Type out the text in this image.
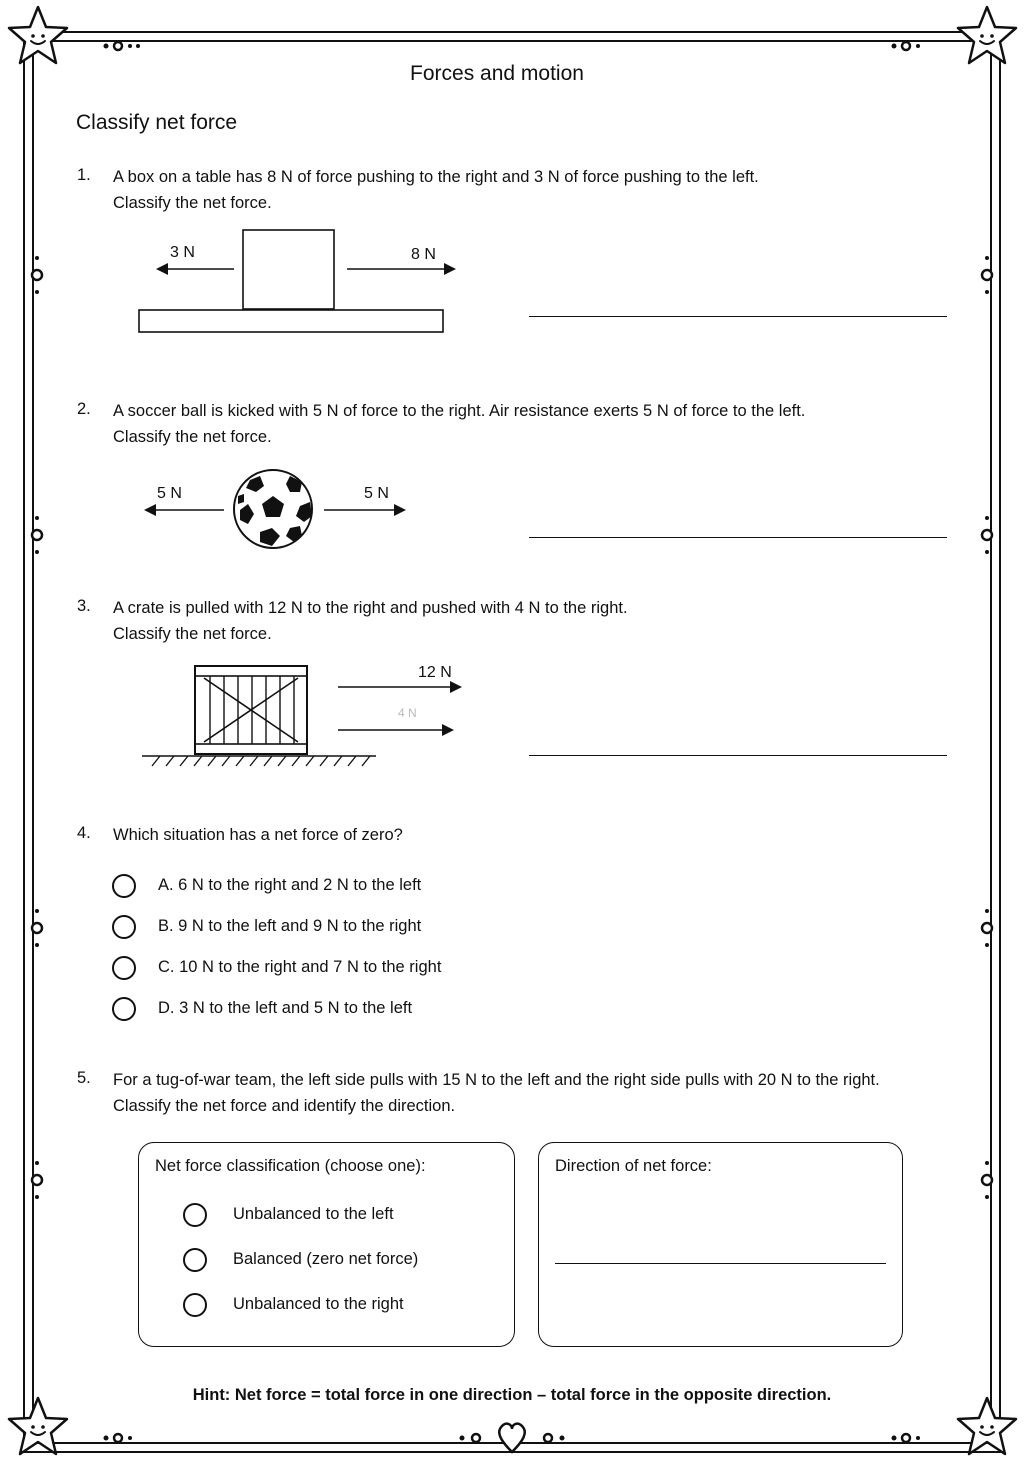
Forces and motion
Classify net force
1. A box on a table has 8 N of force pushing to the right and 3 N of force pushing to the left.
Classify the net force.
3 N	8 N
2. A soccer ball is kicked with 5 N of force to the right. Air resistance exerts 5 N of force to the left.
Classify the net force.
5 N	5 N
3. A crate is pulled with 12 N to the right and pushed with 4 N to the right.
Classify the net force.
12 N
4 N
4. Which situation has a net force of zero?
A. 6 N to the right and 2 N to the left
B. 9 N to the left and 9 N to the right
C. 10 N to the right and 7 N to the right
D. 3 N to the left and 5 N to the left
5. For a tug-of-war team, the left side pulls with 15 N to the left and the right side pulls with 20 N to the right.
Classify the net force and identify the direction.
Net force classification (choose one):
Unbalanced to the left
Balanced (zero net force)
Unbalanced to the right
Direction of net force:
Hint: Net force = total force in one direction – total force in the opposite direction.
